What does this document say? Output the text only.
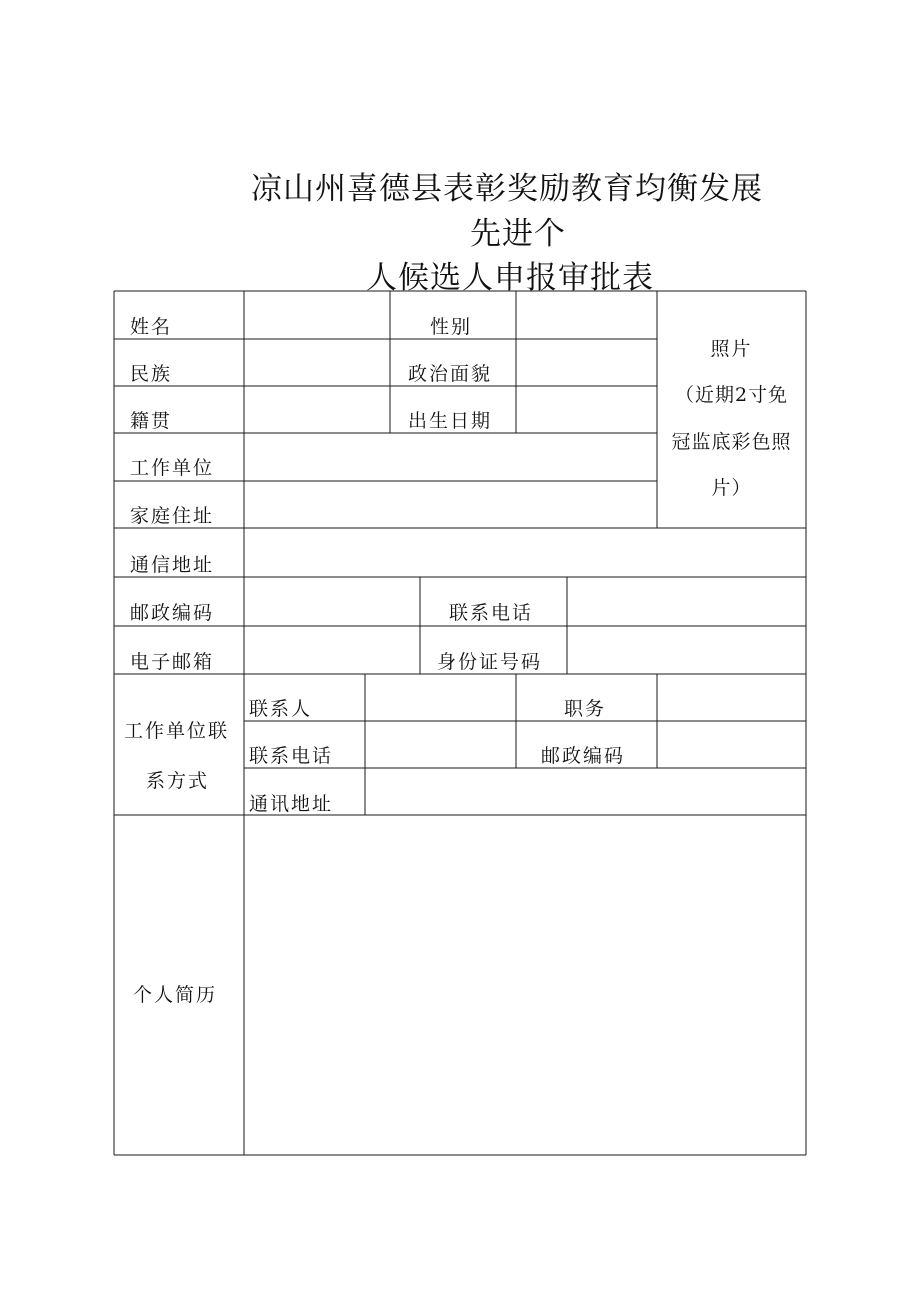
凉山州喜德县表彰奖励教育均衡发展
先进个
人候选人申报审批表
姓名	性别
照片
（近期2寸免
冠监底彩色照
片）
民族	政治面貌
籍贯	出生日期
工作单位
家庭住址
通信地址
邮政编码	联系电话
电子邮箱	身份证号码
工作单位联
系方式
联系人	职务
联系电话	邮政编码
通讯地址
个人简历
